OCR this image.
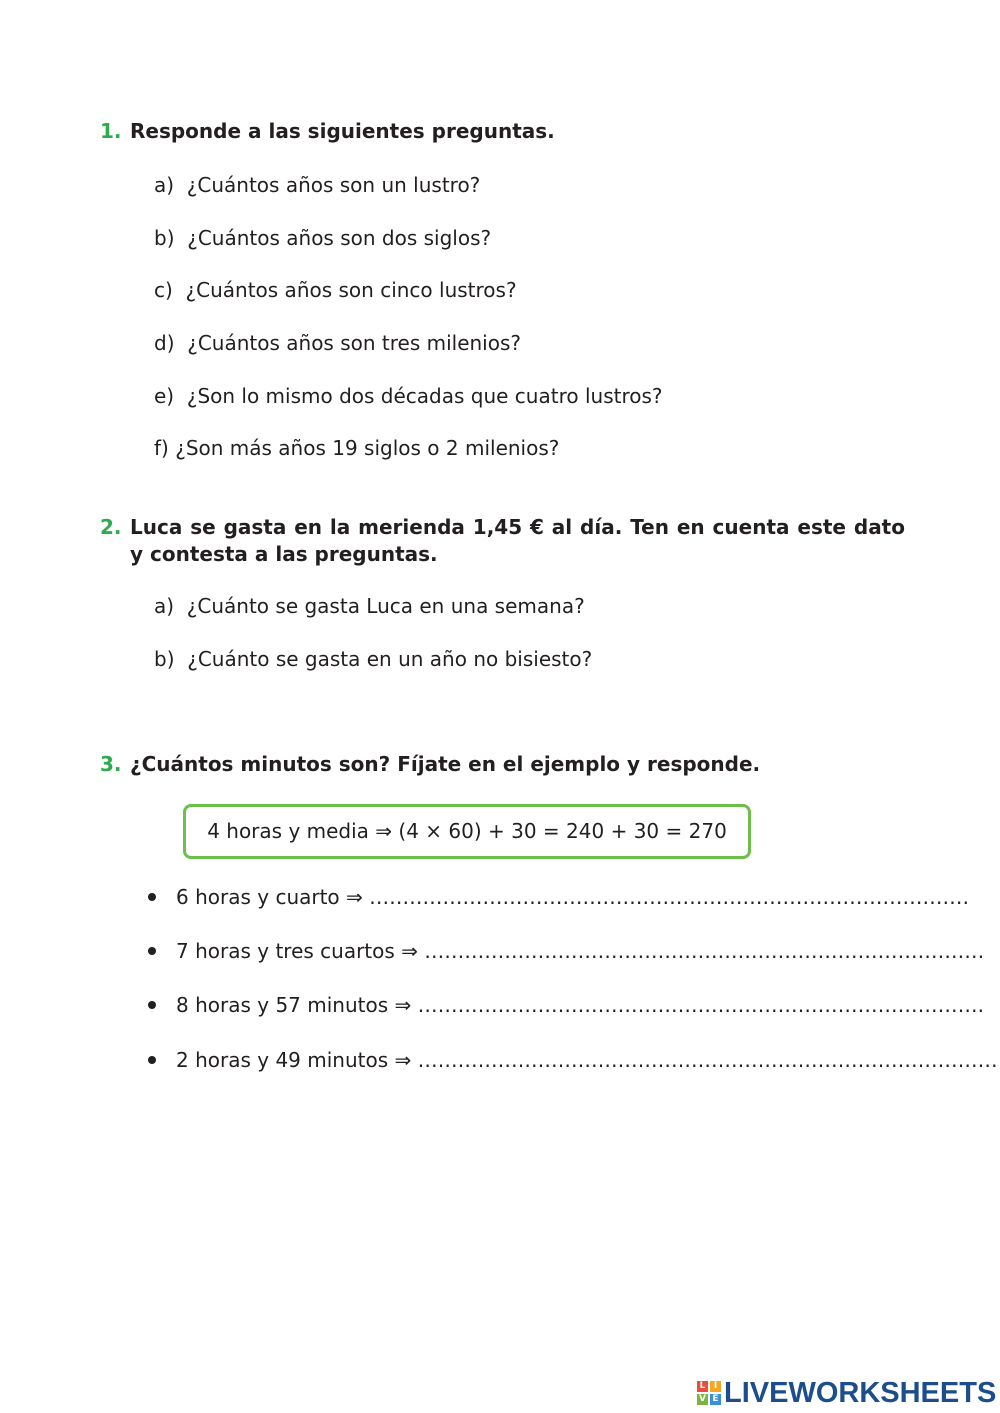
1. Responde a las siguientes preguntas.
a)  ¿Cuántos años son un lustro?
b)  ¿Cuántos años son dos siglos?
c)  ¿Cuántos años son cinco lustros?
d)  ¿Cuántos años son tres milenios?
e)  ¿Son lo mismo dos décadas que cuatro lustros?
f) ¿Son más años 19 siglos o 2 milenios?
2. Luca se gasta en la merienda 1,45 € al día. Ten en cuenta este dato y contesta a las preguntas.
a)  ¿Cuánto se gasta Luca en una semana?
b)  ¿Cuánto se gasta en un año no bisiesto?
3. ¿Cuántos minutos son? Fíjate en el ejemplo y responde.
4 horas y media ⇒ (4 × 60) + 30 = 240 + 30 = 270
6 horas y cuarto ⇒ ………………………………………………………………………………
7 horas y tres cuartos ⇒ …………………………………………………………………………
8 horas y 57 minutos ⇒ ………………………………………………………………………….
2 horas y 49 minutos ⇒ ……………………………………………………………………………
L I
V E LIVEWORKSHEETS
